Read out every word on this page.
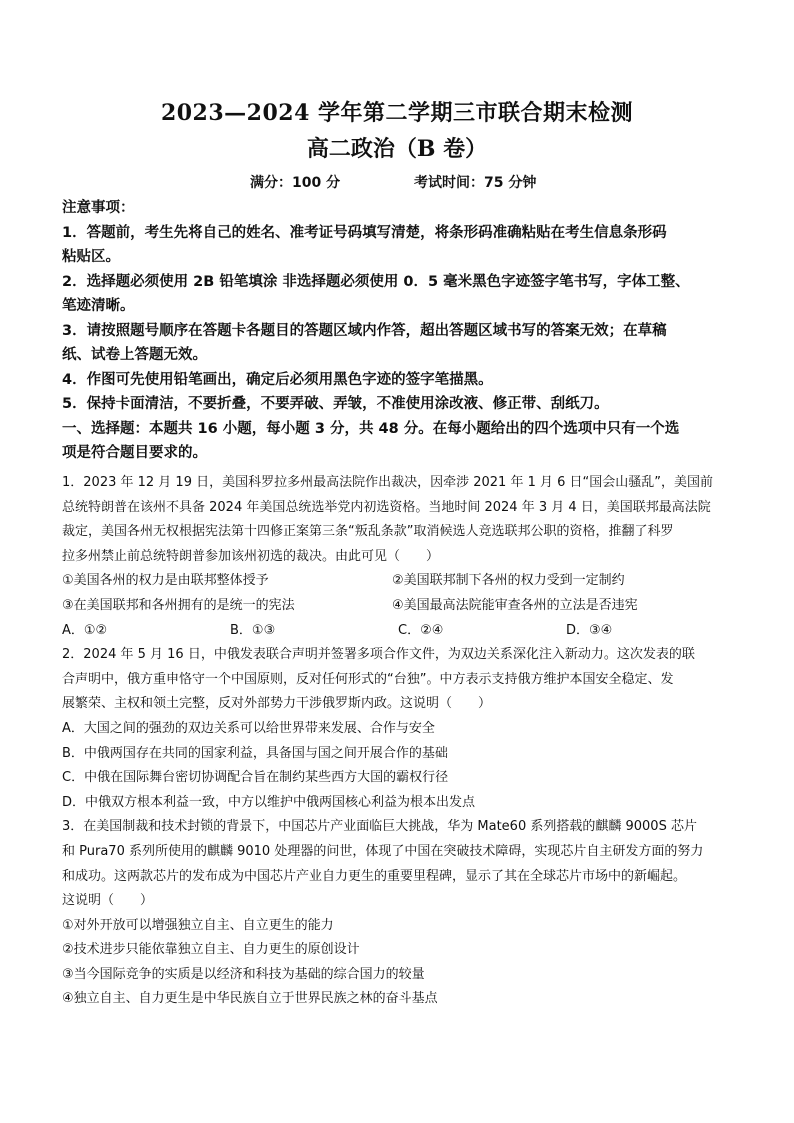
2023—2024 学年第二学期三市联合期末检测
高二政治（B 卷）
满分：100 分	考试时间：75 分钟

注意事项：

1．答题前，考生先将自己的姓名、准考证号码填写清楚，将条形码准确粘贴在考生信息条形码

粘贴区。

2．选择题必须使用 2B 铅笔填涂 非选择题必须使用 0．5 毫米黑色字迹签字笔书写，字体工整、

笔迹清晰。

3．请按照题号顺序在答题卡各题目的答题区域内作答，超出答题区域书写的答案无效；在草稿

纸、试卷上答题无效。

4．作图可先使用铅笔画出，确定后必须用黑色字迹的签字笔描黑。

5．保持卡面清洁，不要折叠，不要弄破、弄皱，不准使用涂改液、修正带、刮纸刀。

一、选择题：本题共 16 小题，每小题 3 分，共 48 分。在每小题给出的四个选项中只有一个选

项是符合题目要求的。

1．2023 年 12 月 19 日，美国科罗拉多州最高法院作出裁决，因牵涉 2021 年 1 月 6 日“国会山骚乱”，美国前

总统特朗普在该州不具备 2024 年美国总统选举党内初选资格。当地时间 2024 年 3 月 4 日，美国联邦最高法院

裁定，美国各州无权根据宪法第十四修正案第三条“叛乱条款”取消候选人竞选联邦公职的资格，推翻了科罗

拉多州禁止前总统特朗普参加该州初选的裁决。由此可见（　　）

①美国各州的权力是由联邦整体授予	②美国联邦制下各州的权力受到一定制约
③在美国联邦和各州拥有的是统一的宪法	④美国最高法院能审查各州的立法是否违宪
A．①②	B．①③	C．②④	D．③④

2．2024 年 5 月 16 日，中俄发表联合声明并签署多项合作文件，为双边关系深化注入新动力。这次发表的联

合声明中，俄方重申恪守一个中国原则，反对任何形式的“台独”。中方表示支持俄方维护本国安全稳定、发

展繁荣、主权和领土完整，反对外部势力干涉俄罗斯内政。这说明（　　）

A．大国之间的强劲的双边关系可以给世界带来发展、合作与安全

B．中俄两国存在共同的国家利益，具备国与国之间开展合作的基础

C．中俄在国际舞台密切协调配合旨在制约某些西方大国的霸权行径

D．中俄双方根本利益一致，中方以维护中俄两国核心利益为根本出发点

3．在美国制裁和技术封锁的背景下，中国芯片产业面临巨大挑战，华为 Mate60 系列搭载的麒麟 9000S 芯片

和 Pura70 系列所使用的麒麟 9010 处理器的问世，体现了中国在突破技术障碍，实现芯片自主研发方面的努力

和成功。这两款芯片的发布成为中国芯片产业自力更生的重要里程碑，显示了其在全球芯片市场中的新崛起。

这说明（　　）

①对外开放可以增强独立自主、自立更生的能力

②技术进步只能依靠独立自主、自力更生的原创设计

③当今国际竞争的实质是以经济和科技为基础的综合国力的较量

④独立自主、自力更生是中华民族自立于世界民族之林的奋斗基点
